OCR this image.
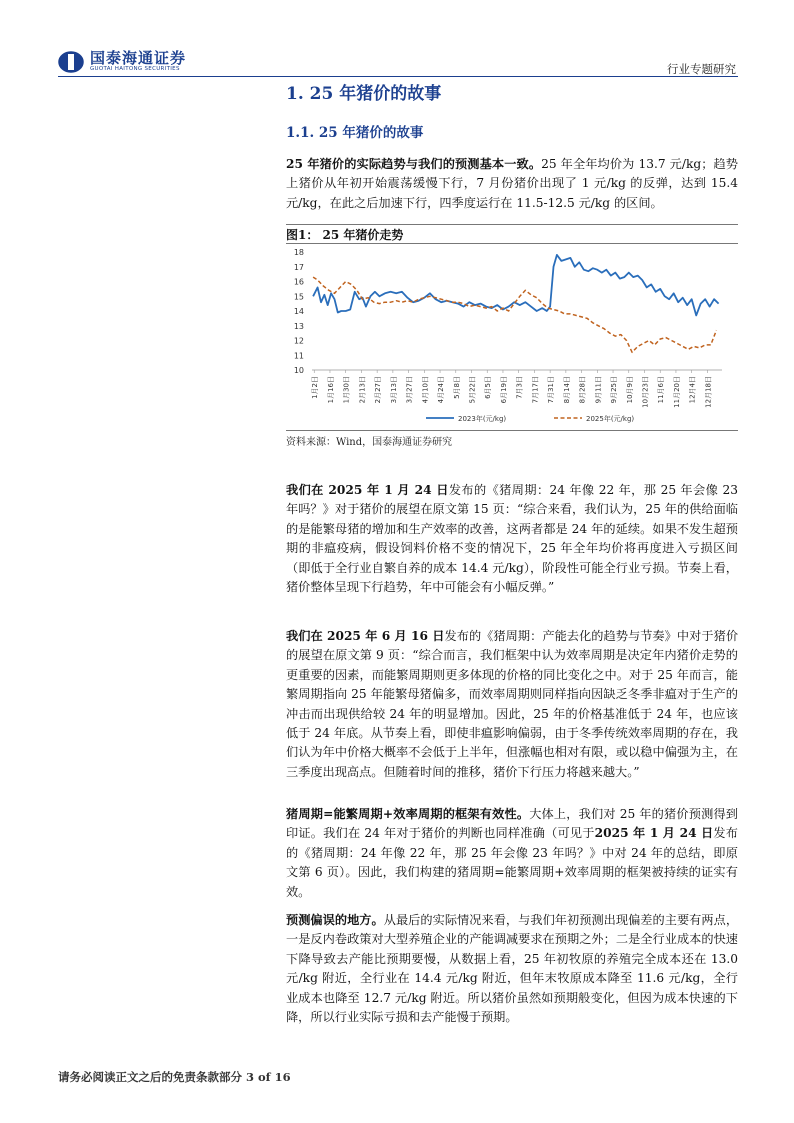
国泰海通证券
GUOTAI HAITONG SECURITIES	行业专题研究
1. 25 年猪价的故事
1.1. 25 年猪价的故事
25 年猪价的实际趋势与我们的预测基本一致。25 年全年均价为 13.7 元/kg；趋势上猪价从年初开始震荡缓慢下行，7 月份猪价出现了 1 元/kg 的反弹，达到 15.4 元/kg，在此之后加速下行，四季度运行在 11.5-12.5 元/kg 的区间。
图1： 25 年猪价走势
10
11
12
13
14
15
16
17
18
1月2日 1月16日 1月30日 2月13日 2月27日 3月13日 3月27日 4月10日 4月24日 5月8日 5月22日 6月5日 6月19日 7月3日 7月17日 7月31日 8月14日 8月28日 9月11日 9月25日 10月9日 10月23日 11月6日 11月20日 12月4日 12月18日
2023年(元/kg)	2025年(元/kg)
资料来源：Wind，国泰海通证券研究
我们在 2025 年 1 月 24 日发布的《猪周期：24 年像 22 年，那 25 年会像 23 年吗？》对于猪价的展望在原文第 15 页：“综合来看，我们认为，25 年的供给面临的是能繁母猪的增加和生产效率的改善，这两者都是 24 年的延续。如果不发生超预期的非瘟疫病，假设饲料价格不变的情况下，25 年全年均价将再度进入亏损区间（即低于全行业自繁自养的成本 14.4 元/kg），阶段性可能全行业亏损。节奏上看，猪价整体呈现下行趋势，年中可能会有小幅反弹。”
我们在 2025 年 6 月 16 日发布的《猪周期：产能去化的趋势与节奏》中对于猪价的展望在原文第 9 页：“综合而言，我们框架中认为效率周期是决定年内猪价走势的更重要的因素，而能繁周期则更多体现的价格的同比变化之中。对于 25 年而言，能繁周期指向 25 年能繁母猪偏多，而效率周期则同样指向因缺乏冬季非瘟对于生产的冲击而出现供给较 24 年的明显增加。因此，25 年的价格基准低于 24 年，也应该低于 24 年底。从节奏上看，即使非瘟影响偏弱，由于冬季传统效率周期的存在，我们认为年中价格大概率不会低于上半年，但涨幅也相对有限，或以稳中偏强为主，在三季度出现高点。但随着时间的推移，猪价下行压力将越来越大。”
猪周期=能繁周期+效率周期的框架有效性。大体上，我们对 25 年的猪价预测得到印证。我们在 24 年对于猪价的判断也同样准确（可见于2025 年 1 月 24 日发布的《猪周期：24 年像 22 年，那 25 年会像 23 年吗？》中对 24 年的总结，即原文第 6 页）。因此，我们构建的猪周期=能繁周期+效率周期的框架被持续的证实有效。
预测偏误的地方。从最后的实际情况来看，与我们年初预测出现偏差的主要有两点，一是反内卷政策对大型养殖企业的产能调减要求在预期之外；二是全行业成本的快速下降导致去产能比预期要慢，从数据上看，25 年初牧原的养殖完全成本还在 13.0 元/kg 附近，全行业在 14.4 元/kg 附近，但年末牧原成本降至 11.6 元/kg，全行业成本也降至 12.7 元/kg 附近。所以猪价虽然如预期般变化，但因为成本快速的下降，所以行业实际亏损和去产能慢于预期。
请务必阅读正文之后的免责条款部分 3 of 16
